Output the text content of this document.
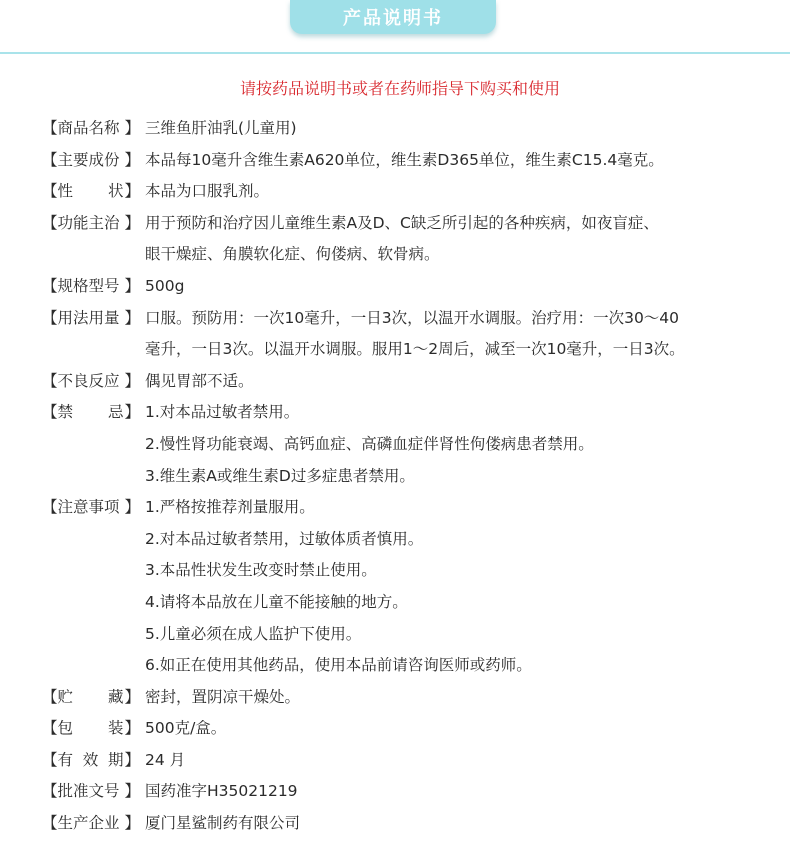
产品说明书
请按药品说明书或者在药师指导下购买和使用
【 商品名称 】 三维鱼肝油乳(儿童用)
【 主要成份 】 本品每10毫升含维生素A620单位，维生素D365单位，维生素C15.4毫克。
【 性 状 】 本品为口服乳剂。
【 功能主治 】 用于预防和治疗因儿童维生素A及D、C缺乏所引起的各种疾病，如夜盲症、
眼干燥症、角膜软化症、佝偻病、软骨病。
【 规格型号 】 500g
【 用法用量 】 口服。预防用：一次10毫升，一日3次，以温开水调服。治疗用：一次30～40
毫升，一日3次。以温开水调服。服用1～2周后，减至一次10毫升，一日3次。
【 不良反应 】 偶见胃部不适。
【 禁 忌 】 1.对本品过敏者禁用。
2.慢性肾功能衰竭、高钙血症、高磷血症伴肾性佝偻病患者禁用。
3.维生素A或维生素D过多症患者禁用。
【 注意事项 】 1.严格按推荐剂量服用。
2.对本品过敏者禁用，过敏体质者慎用。
3.本品性状发生改变时禁止使用。
4.请将本品放在儿童不能接触的地方。
5.儿童必须在成人监护下使用。
6.如正在使用其他药品，使用本品前请咨询医师或药师。
【 贮 藏 】 密封，置阴凉干燥处。
【 包 装 】 500克/盒。
【 有 效 期 】 24 月
【 批准文号 】 国药准字H35021219
【 生产企业 】 厦门星鲨制药有限公司
